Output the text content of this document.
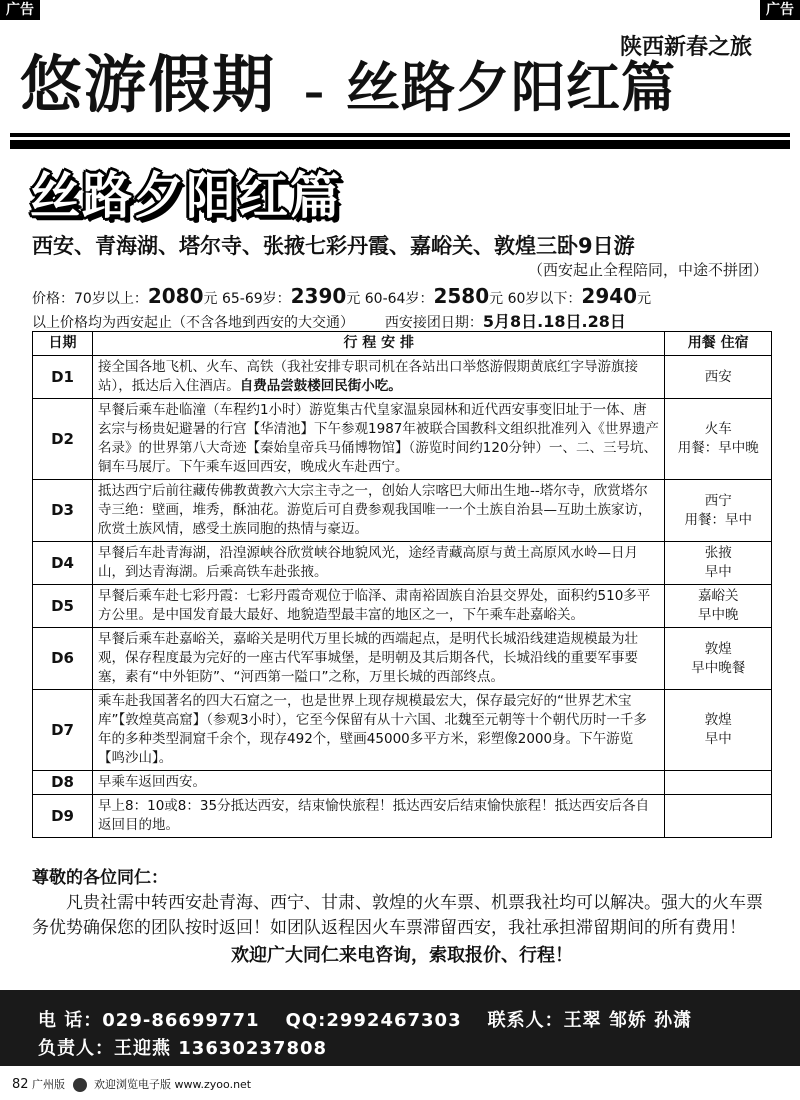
广告	广告
陕西新春之旅
悠游假期 – 丝路夕阳红篇
丝路夕阳红篇
西安、青海湖、塔尔寺、张掖七彩丹霞、嘉峪关、敦煌三卧9日游
（西安起止全程陪同，中途不拼团）
价格：70岁以上：2080元 65-69岁：2390元 60-64岁：2580元 60岁以下：2940元
以上价格均为西安起止（不含各地到西安的大交通） 西安接团日期：5月8日.18日.28日
日期	行 程 安 排	用餐 住宿
D1	接全国各地飞机、火车、高铁（我社安排专职司机在各站出口举悠游假期黄底红字导游旗接站），抵达后入住酒店。自费品尝鼓楼回民街小吃。	西安

D2	早餐后乘车赴临潼（车程约1小时）游览集古代皇家温泉园林和近代西安事变旧址于一体、唐玄宗与杨贵妃避暑的行宫【华清池】下午参观1987年被联合国教科文组织批准列入《世界遗产名录》的世界第八大奇迹【秦始皇帝兵马俑博物馆】（游览时间约120分钟）一、二、三号坑、铜车马展厅。下午乘车返回西安，晚成火车赴西宁。	火车
用餐：早中晚

D3	抵达西宁后前往藏传佛教黄教六大宗主寺之一，创始人宗喀巴大师出生地--塔尔寺，欣赏塔尔寺三绝：壁画，堆秀，酥油花。游览后可自费参观我国唯一一个土族自治县—互助土族家访，欣赏土族风情，感受土族同胞的热情与豪迈。	西宁
用餐：早中

D4	早餐后车赴青海湖，沿湟源峡谷欣赏峡谷地貌风光，途经青藏高原与黄土高原风水岭—日月山，到达青海湖。后乘高铁车赴张掖。	张掖
早中

D5	早餐后乘车赴七彩丹霞：七彩丹霞奇观位于临泽、肃南裕固族自治县交界处，面积约510多平方公里。是中国发育最大最好、地貌造型最丰富的地区之一，下午乘车赴嘉峪关。	嘉峪关
早中晚

D6	早餐后乘车赴嘉峪关，嘉峪关是明代万里长城的西端起点，是明代长城沿线建造规模最为壮观，保存程度最为完好的一座古代军事城堡，是明朝及其后期各代，长城沿线的重要军事要塞，素有“中外钜防”、“河西第一隘口”之称，万里长城的西部终点。	敦煌
早中晚餐

D7	乘车赴我国著名的四大石窟之一，也是世界上现存规模最宏大，保存最完好的“世界艺术宝库”【敦煌莫高窟】（参观3小时），它至今保留有从十六国、北魏至元朝等十个朝代历时一千多年的多种类型洞窟千余个，现存492个，壁画45000多平方米，彩塑像2000身。下午游览【鸣沙山】。	敦煌
早中

D8	早乘车返回西安。	
D9	早上8：10或8：35分抵达西安，结束愉快旅程！抵达西安后结束愉快旅程！抵达西安后各自返回目的地。	
尊敬的各位同仁：
凡贵社需中转西安赴青海、西宁、甘肃、敦煌的火车票、机票我社均可以解决。强大的火车票务优势确保您的团队按时返回！如团队返程因火车票滞留西安，我社承担滞留期间的所有费用！
欢迎广大同仁来电咨询，索取报价、行程！
电 话：029-86699771 QQ:2992467303 联系人：王翠 邹娇 孙潇
负责人：王迎燕 13630237808
82 广州版	欢迎浏览电子版 www.zyoo.net
